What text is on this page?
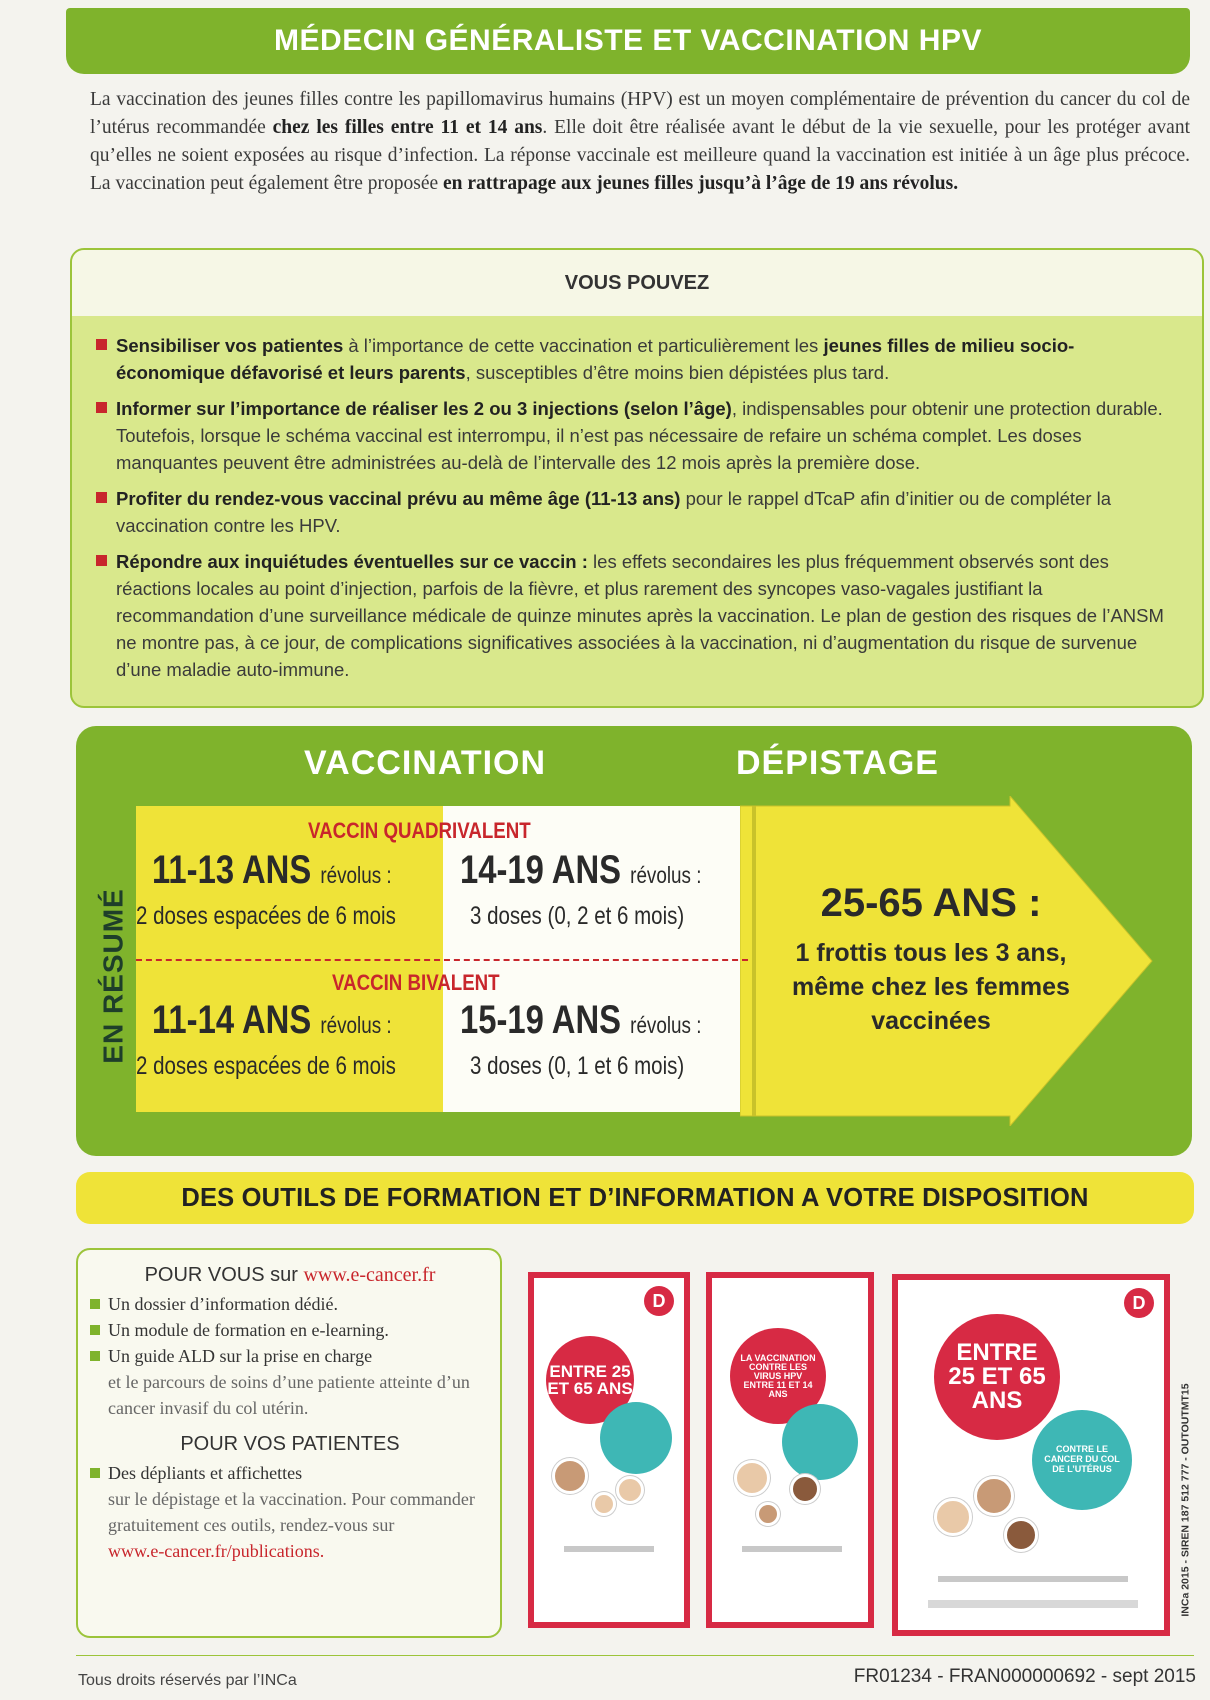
MÉDECIN GÉNÉRALISTE ET VACCINATION HPV
La vaccination des jeunes filles contre les papillomavirus humains (HPV) est un moyen complémentaire de prévention du cancer du col de l’utérus recommandée chez les filles entre 11 et 14 ans. Elle doit être réalisée avant le début de la vie sexuelle, pour les protéger avant qu’elles ne soient exposées au risque d’infection. La réponse vaccinale est meilleure quand la vaccination est initiée à un âge plus précoce. La vaccination peut également être proposée en rattrapage aux jeunes filles jusqu’à l’âge de 19 ans révolus.
VOUS POUVEZ
Sensibiliser vos patientes à l’importance de cette vaccination et particulièrement les jeunes filles de milieu socio-économique défavorisé et leurs parents, susceptibles d’être moins bien dépistées plus tard.
Informer sur l’importance de réaliser les 2 ou 3 injections (selon l’âge), indispensables pour obtenir une protection durable. Toutefois, lorsque le schéma vaccinal est interrompu, il n’est pas nécessaire de refaire un schéma complet. Les doses manquantes peuvent être administrées au-delà de l’intervalle des 12 mois après la première dose.
Profiter du rendez-vous vaccinal prévu au même âge (11-13 ans) pour le rappel dTcaP afin d’initier ou de compléter la vaccination contre les HPV.
Répondre aux inquiétudes éventuelles sur ce vaccin : les effets secondaires les plus fréquemment observés sont des réactions locales au point d’injection, parfois de la fièvre, et plus rarement des syncopes vaso-vagales justifiant la recommandation d’une surveillance médicale de quinze minutes après la vaccination. Le plan de gestion des risques de l’ANSM ne montre pas, à ce jour, de complications significatives associées à la vaccination, ni d’augmentation du risque de survenue d’une maladie auto-immune.
EN RÉSUMÉ
VACCINATION	DÉPISTAGE
VACCIN QUADRIVALENT
11-13 ANS révolus :
2 doses espacées de 6 mois
14-19 ANS révolus :
3 doses (0, 2 et 6 mois)
VACCIN BIVALENT
11-14 ANS révolus :
2 doses espacées de 6 mois
15-19 ANS révolus :
3 doses (0, 1 et 6 mois)
25-65 ANS :
1 frottis tous les 3 ans,
même chez les femmes
vaccinées
DES OUTILS DE FORMATION ET D’INFORMATION A VOTRE DISPOSITION
POUR VOUS sur www.e-cancer.fr
Un dossier d’information dédié.
Un module de formation en e-learning.
Un guide ALD sur la prise en charge
et le parcours de soins d’une patiente atteinte d’un cancer invasif du col utérin.
POUR VOS PATIENTES
Des dépliants et affichettes
sur le dépistage et la vaccination. Pour commander gratuitement ces outils, rendez-vous sur
www.e-cancer.fr/publications.
D
ENTRE 25 ET 65 ANS
LA VACCINATION CONTRE LES VIRUS HPV ENTRE 11 ET 14 ANS
D
ENTRE 25 ET 65 ANS
CONTRE LE CANCER DU COL DE L’UTÉRUS	INCa 2015 - SIREN 187 512 777 - OUTOUTMT15
Tous droits réservés par l’INCa	FR01234 - FRAN000000692 - sept 2015
